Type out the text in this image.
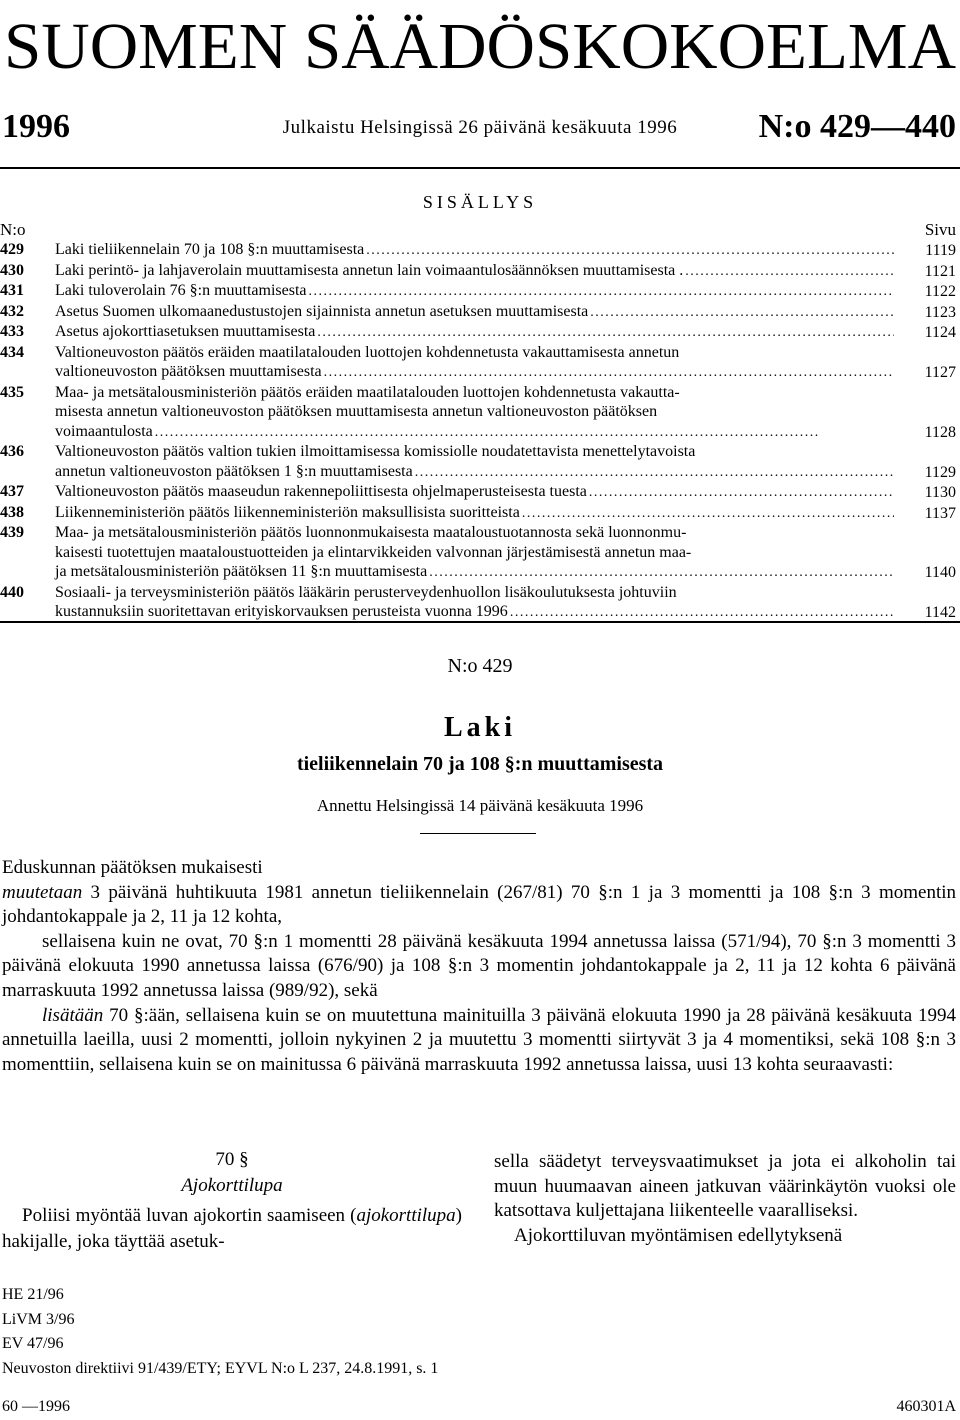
SUOMEN SÄÄDÖSKOKOELMA
1996	Julkaistu Helsingissä 26 päivänä kesäkuuta 1996	N:o 429—440
SISÄLLYS
N:o	Sivu
429 Laki tieliikennelain 70 ja 108 §:n muuttamisesta . . .	1119
430 Laki perintö- ja lahjaverolain muuttamisesta annetun lain voimaantulosäännöksen muuttamisesta . . . .	1121
431 Laki tuloverolain 76 §:n muuttamisesta . . .	1122
432 Asetus Suomen ulkomaanedustustojen sijainnista annetun asetuksen muuttamisesta . . .	1123
433 Asetus ajokorttiasetuksen muuttamisesta . . .	1124
434 Valtioneuvoston päätös eräiden maatilatalouden luottojen kohdennetusta vakauttamisesta annetun
valtioneuvoston päätöksen muuttamisesta . . .	1127
435 Maa- ja metsätalousministeriön päätös eräiden maatilatalouden luottojen kohdennetusta vakautta-
misesta annetun valtioneuvoston päätöksen muuttamisesta annetun valtioneuvoston päätöksen
voimaantulosta . . .	1128
436 Valtioneuvoston päätös valtion tukien ilmoittamisessa komissiolle noudatettavista menettelytavoista
annetun valtioneuvoston päätöksen 1 §:n muuttamisesta . . .	1129
437 Valtioneuvoston päätös maaseudun rakennepoliittisesta ohjelmaperusteisesta tuesta . . .	1130
438 Liikenneministeriön päätös liikenneministeriön maksullisista suoritteista . . .	1137
439 Maa- ja metsätalousministeriön päätös luonnonmukaisesta maataloustuotannosta sekä luonnonmu-
kaisesti tuotettujen maataloustuotteiden ja elintarvikkeiden valvonnan järjestämisestä annetun maa-
ja metsätalousministeriön päätöksen 11 §:n muuttamisesta . . .	1140
440 Sosiaali- ja terveysministeriön päätös lääkärin perusterveydenhuollon lisäkoulutuksesta johtuviin
kustannuksiin suoritettavan erityiskorvauksen perusteista vuonna 1996 . . .	1142
N:o 429
Laki
tieliikennelain 70 ja 108 §:n muuttamisesta
Annettu Helsingissä 14 päivänä kesäkuuta 1996

Eduskunnan päätöksen mukaisesti

muutetaan 3 päivänä huhtikuuta 1981 annetun tieliikennelain (267/81) 70 §:n 1 ja 3 momentti ja 108 §:n 3 momentin johdantokappale ja 2, 11 ja 12 kohta,

sellaisena kuin ne ovat, 70 §:n 1 momentti 28 päivänä kesäkuuta 1994 annetussa laissa (571/94), 70 §:n 3 momentti 3 päivänä elokuuta 1990 annetussa laissa (676/90) ja 108 §:n 3 momentin johdantokappale ja 2, 11 ja 12 kohta 6 päivänä marraskuuta 1992 annetussa laissa (989/92), sekä

lisätään 70 §:ään, sellaisena kuin se on muutettuna mainituilla 3 päivänä elokuuta 1990 ja 28 päivänä kesäkuuta 1994 annetuilla laeilla, uusi 2 momentti, jolloin nykyinen 2 ja muutettu 3 momentti siirtyvät 3 ja 4 momentiksi, sekä 108 §:n 3 momenttiin, sellaisena kuin se on mainitussa 6 päivänä marraskuuta 1992 annetussa laissa, uusi 13 kohta seuraavasti:

70 §
Ajokorttilupa
Poliisi myöntää luvan ajokortin saamiseen (ajokorttilupa) hakijalle, joka täyttää asetuk-

sella säädetyt terveysvaatimukset ja jota ei alkoholin tai muun huumaavan aineen jatkuvan väärinkäytön vuoksi ole katsottava kuljettajana liikenteelle vaaralliseksi.

Ajokorttiluvan myöntämisen edellytyksenä

HE 21/96
LiVM 3/96
EV 47/96
Neuvoston direktiivi 91/439/ETY; EYVL N:o L 237, 24.8.1991, s. 1
60 —1996	460301A
